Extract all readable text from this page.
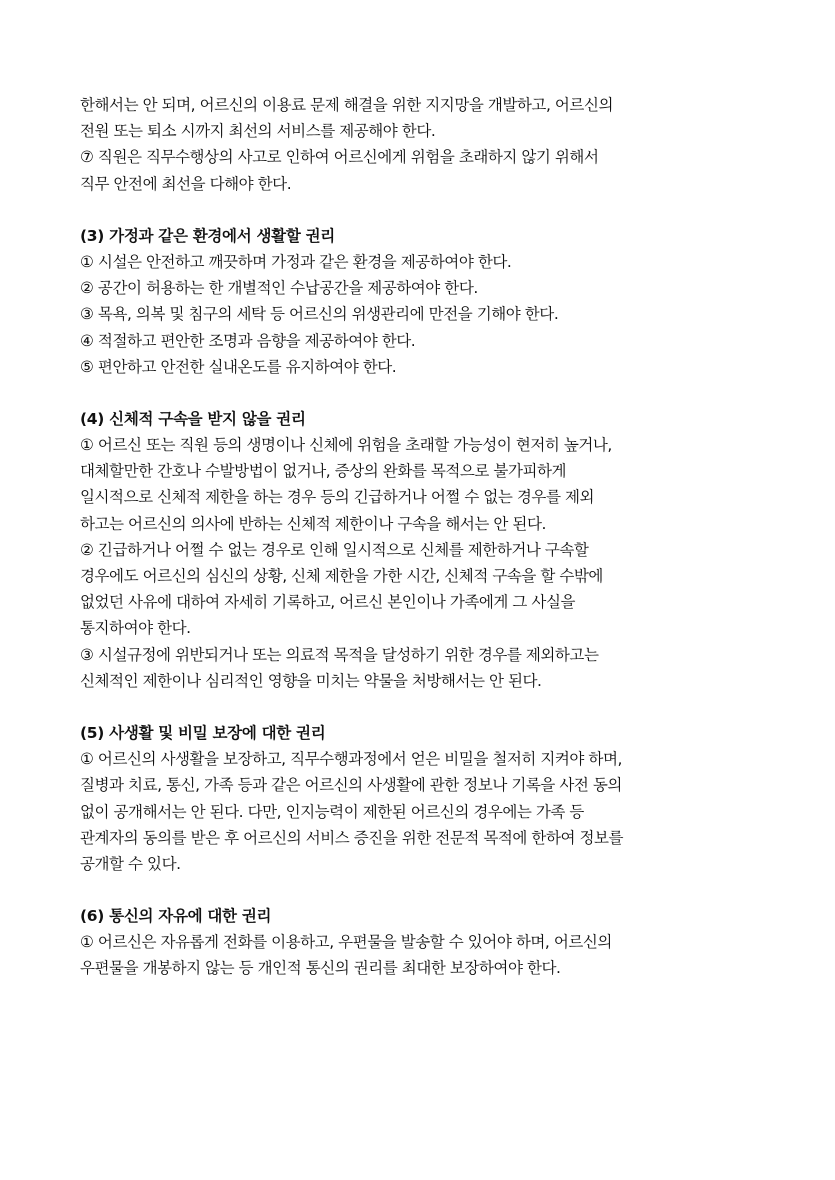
한해서는 안 되며, 어르신의 이용료 문제 해결을 위한 지지망을 개발하고, 어르신의
전원 또는 퇴소 시까지 최선의 서비스를 제공해야 한다.
⑦ 직원은 직무수행상의 사고로 인하여 어르신에게 위험을 초래하지 않기 위해서
직무 안전에 최선을 다해야 한다.
(3) 가정과 같은 환경에서 생활할 권리
① 시설은 안전하고 깨끗하며 가정과 같은 환경을 제공하여야 한다.
② 공간이 허용하는 한 개별적인 수납공간을 제공하여야 한다.
③ 목욕, 의복 및 침구의 세탁 등 어르신의 위생관리에 만전을 기해야 한다.
④ 적절하고 편안한 조명과 음향을 제공하여야 한다.
⑤ 편안하고 안전한 실내온도를 유지하여야 한다.
(4) 신체적 구속을 받지 않을 권리
① 어르신 또는 직원 등의 생명이나 신체에 위험을 초래할 가능성이 현저히 높거나,
대체할만한 간호나 수발방법이 없거나, 증상의 완화를 목적으로 불가피하게
일시적으로 신체적 제한을 하는 경우 등의 긴급하거나 어쩔 수 없는 경우를 제외
하고는 어르신의 의사에 반하는 신체적 제한이나 구속을 해서는 안 된다.
② 긴급하거나 어쩔 수 없는 경우로 인해 일시적으로 신체를 제한하거나 구속할
경우에도 어르신의 심신의 상황, 신체 제한을 가한 시간, 신체적 구속을 할 수밖에
없었던 사유에 대하여 자세히 기록하고, 어르신 본인이나 가족에게 그 사실을
통지하여야 한다.
③ 시설규정에 위반되거나 또는 의료적 목적을 달성하기 위한 경우를 제외하고는
신체적인 제한이나 심리적인 영향을 미치는 약물을 처방해서는 안 된다.
(5) 사생활 및 비밀 보장에 대한 권리
① 어르신의 사생활을 보장하고, 직무수행과정에서 얻은 비밀을 철저히 지켜야 하며,
질병과 치료, 통신, 가족 등과 같은 어르신의 사생활에 관한 정보나 기록을 사전 동의
없이 공개해서는 안 된다. 다만, 인지능력이 제한된 어르신의 경우에는 가족 등
관계자의 동의를 받은 후 어르신의 서비스 증진을 위한 전문적 목적에 한하여 정보를
공개할 수 있다.
(6) 통신의 자유에 대한 권리
① 어르신은 자유롭게 전화를 이용하고, 우편물을 발송할 수 있어야 하며, 어르신의
우편물을 개봉하지 않는 등 개인적 통신의 권리를 최대한 보장하여야 한다.
